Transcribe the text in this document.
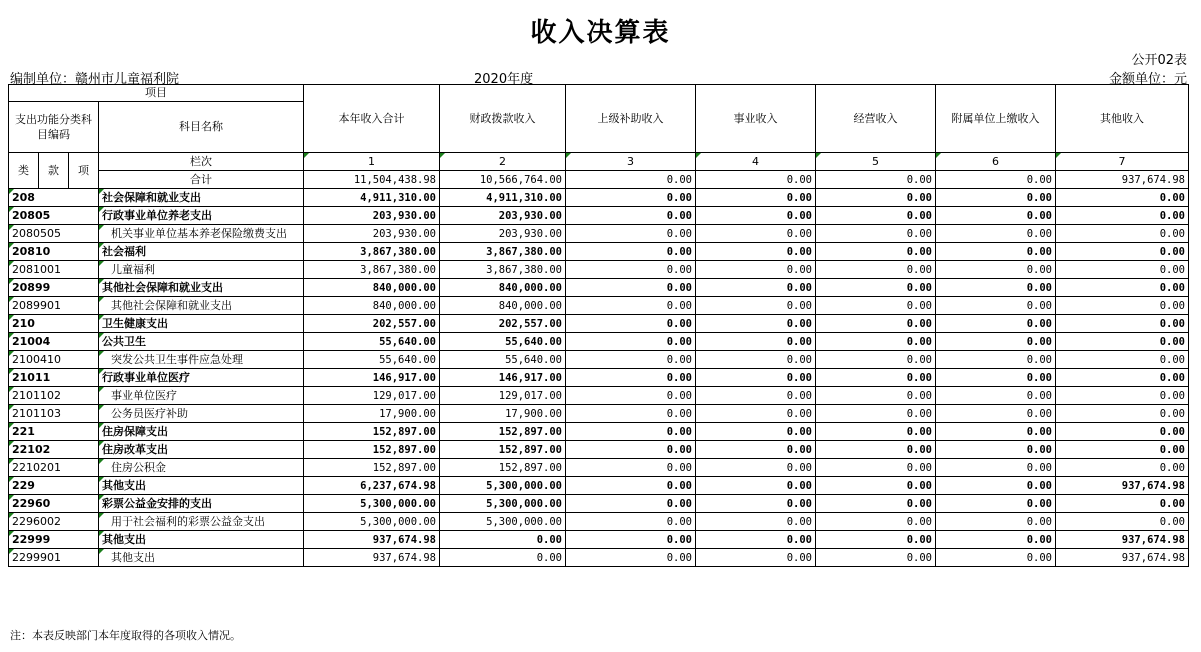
收入决算表
公开02表
编制单位：赣州市儿童福利院	2020年度	金额单位：元
项目				本年收入合计	财政拨款收入	上级补助收入	事业收入	经营收入	附属单位上缴收入	其他收入
支出功能分类科目编码			科目名称							

类	款	项	栏次	1	2	3	4	5	6	7
			合计	11,504,438.98	10,566,764.00	0.00	0.00	0.00	0.00	937,674.98
208			社会保障和就业支出	4,911,310.00	4,911,310.00	0.00	0.00	0.00	0.00	0.00
20805			行政事业单位养老支出	203,930.00	203,930.00	0.00	0.00	0.00	0.00	0.00
2080505			机关事业单位基本养老保险缴费支出	203,930.00	203,930.00	0.00	0.00	0.00	0.00	0.00
20810			社会福利	3,867,380.00	3,867,380.00	0.00	0.00	0.00	0.00	0.00
2081001			儿童福利	3,867,380.00	3,867,380.00	0.00	0.00	0.00	0.00	0.00
20899			其他社会保障和就业支出	840,000.00	840,000.00	0.00	0.00	0.00	0.00	0.00
2089901			其他社会保障和就业支出	840,000.00	840,000.00	0.00	0.00	0.00	0.00	0.00
210			卫生健康支出	202,557.00	202,557.00	0.00	0.00	0.00	0.00	0.00
21004			公共卫生	55,640.00	55,640.00	0.00	0.00	0.00	0.00	0.00
2100410			突发公共卫生事件应急处理	55,640.00	55,640.00	0.00	0.00	0.00	0.00	0.00
21011			行政事业单位医疗	146,917.00	146,917.00	0.00	0.00	0.00	0.00	0.00
2101102			事业单位医疗	129,017.00	129,017.00	0.00	0.00	0.00	0.00	0.00
2101103			公务员医疗补助	17,900.00	17,900.00	0.00	0.00	0.00	0.00	0.00
221			住房保障支出	152,897.00	152,897.00	0.00	0.00	0.00	0.00	0.00
22102			住房改革支出	152,897.00	152,897.00	0.00	0.00	0.00	0.00	0.00
2210201			住房公积金	152,897.00	152,897.00	0.00	0.00	0.00	0.00	0.00
229			其他支出	6,237,674.98	5,300,000.00	0.00	0.00	0.00	0.00	937,674.98
22960			彩票公益金安排的支出	5,300,000.00	5,300,000.00	0.00	0.00	0.00	0.00	0.00
2296002			用于社会福利的彩票公益金支出	5,300,000.00	5,300,000.00	0.00	0.00	0.00	0.00	0.00
22999			其他支出	937,674.98	0.00	0.00	0.00	0.00	0.00	937,674.98
2299901			其他支出	937,674.98	0.00	0.00	0.00	0.00	0.00	937,674.98
注：本表反映部门本年度取得的各项收入情况。
